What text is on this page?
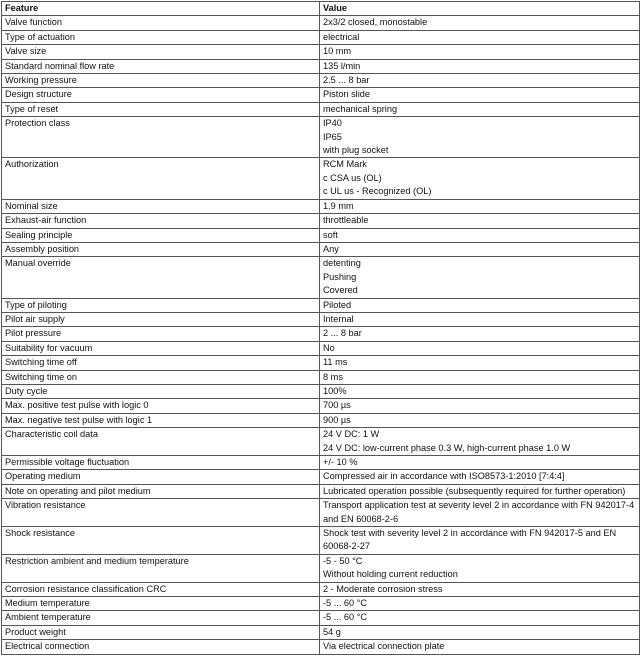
Feature	Value
Valve function	2x3/2 closed, monostable

Type of actuation	electrical

Valve size	10 mm

Standard nominal flow rate	135 l/min

Working pressure	2.5 ... 8 bar

Design structure	Piston slide

Type of reset	mechanical spring

Protection class	IP40
IP65
with plug socket

Authorization	RCM Mark
c CSA us (OL)
c UL us - Recognized (OL)

Nominal size	1.9 mm

Exhaust-air function	throttleable

Sealing principle	soft

Assembly position	Any

Manual override	detenting
Pushing
Covered

Type of piloting	Piloted

Pilot air supply	Internal

Pilot pressure	2 ... 8 bar

Suitability for vacuum	No

Switching time off	11 ms

Switching time on	8 ms

Duty cycle	100%

Max. positive test pulse with logic 0	700 µs

Max. negative test pulse with logic 1	900 µs

Characteristic coil data	24 V DC: 1 W
24 V DC: low-current phase 0.3 W, high-current phase 1.0 W

Permissible voltage fluctuation	+/- 10 %

Operating medium	Compressed air in accordance with ISO8573-1:2010 [7:4:4]

Note on operating and pilot medium	Lubricated operation possible (subsequently required for further operation)

Vibration resistance	Transport application test at severity level 2 in accordance with FN 942017-4 and EN 60068-2-6

Shock resistance	Shock test with severity level 2 in accordance with FN 942017-5 and EN 60068-2-27

Restriction ambient and medium temperature	-5 - 50 °C
Without holding current reduction

Corrosion resistance classification CRC	2 - Moderate corrosion stress

Medium temperature	-5 ... 60 °C

Ambient temperature	-5 ... 60 °C

Product weight	54 g

Electrical connection	Via electrical connection plate
